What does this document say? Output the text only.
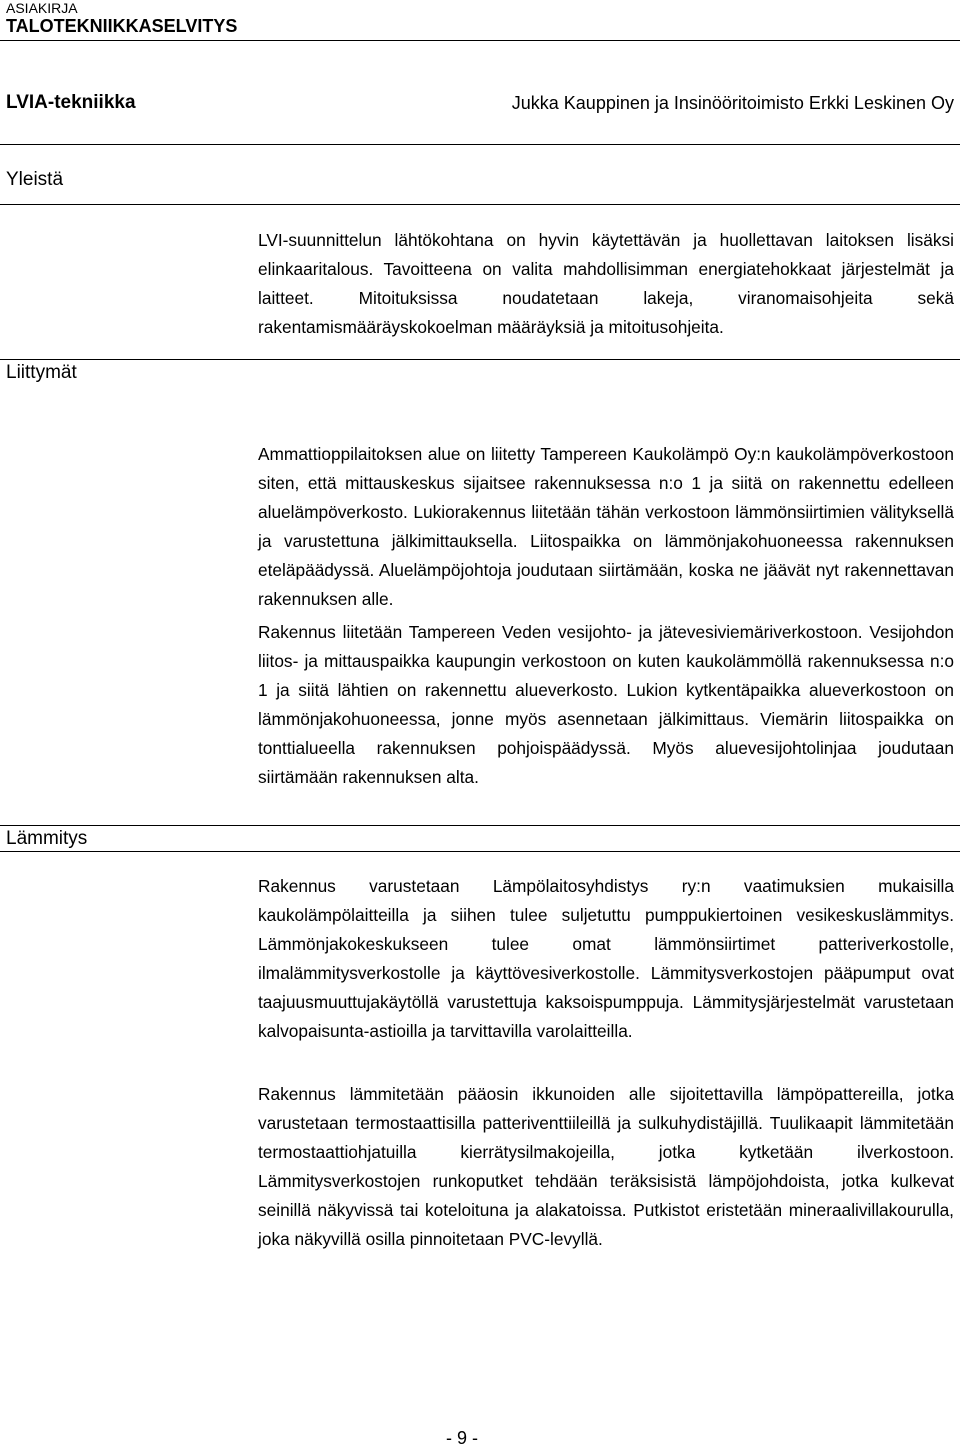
ASIAKIRJA
TALOTEKNIIKKASELVITYS
LVIA-tekniikka	Jukka Kauppinen ja Insinööritoimisto Erkki Leskinen Oy
Yleistä

LVI-suunnittelun lähtökohtana on hyvin käytettävän ja huollettavan laitoksen lisäksi elinkaaritalous. Tavoitteena on valita mahdollisimman energiatehokkaat järjestelmät ja laitteet. Mitoituksissa noudatetaan lakeja, viranomaisohjeita sekä rakentamismääräyskokoelman määräyksiä ja mitoitusohjeita.

Liittymät

Ammattioppilaitoksen alue on liitetty Tampereen Kaukolämpö Oy:n kaukolämpöverkostoon siten, että mittauskeskus sijaitsee rakennuksessa n:o 1 ja siitä on rakennettu edelleen aluelämpöverkosto. Lukiorakennus liitetään tähän verkostoon lämmönsiirtimien välityksellä ja varustettuna jälkimittauksella. Liitospaikka on lämmönjakohuoneessa rakennuksen eteläpäädyssä. Aluelämpöjohtoja joudutaan siirtämään, koska ne jäävät nyt rakennettavan rakennuksen alle.

Rakennus liitetään Tampereen Veden vesijohto- ja jätevesiviemäriverkostoon. Vesijohdon liitos- ja mittauspaikka kaupungin verkostoon on kuten kaukolämmöllä rakennuksessa n:o 1 ja siitä lähtien on rakennettu alueverkosto. Lukion kytkentäpaikka alueverkostoon on lämmönjakohuoneessa, jonne myös asennetaan jälkimittaus. Viemärin liitospaikka on tonttialueella rakennuksen pohjoispäädyssä. Myös aluevesijohtolinjaa joudutaan siirtämään rakennuksen alta.

Lämmitys

Rakennus varustetaan Lämpölaitosyhdistys ry:n vaatimuksien mukaisilla kaukolämpölaitteilla ja siihen tulee suljetuttu pumppukiertoinen vesikeskuslämmitys. Lämmönjakokeskukseen tulee omat lämmönsiirtimet patteriverkostolle, ilmalämmitysverkostolle ja käyttövesiverkostolle. Lämmitysverkostojen pääpumput ovat taajuusmuuttujakäytöllä varustettuja kaksoispumppuja. Lämmitysjärjestelmät varustetaan kalvopaisunta-astioilla ja tarvittavilla varolaitteilla.

Rakennus lämmitetään pääosin ikkunoiden alle sijoitettavilla lämpöpattereilla, jotka varustetaan termostaattisilla patteriventtiileillä ja sulkuhydistäjillä. Tuulikaapit lämmitetään termostaattiohjatuilla kierrätysilmakojeilla, jotka kytketään ilverkostoon. Lämmitysverkostojen runkoputket tehdään teräksisistä lämpöjohdoista, jotka kulkevat seinillä näkyvissä tai koteloituna ja alakatoissa. Putkistot eristetään mineraalivillakourulla, joka näkyvillä osilla pinnoitetaan PVC-levyllä.

- 9 -
